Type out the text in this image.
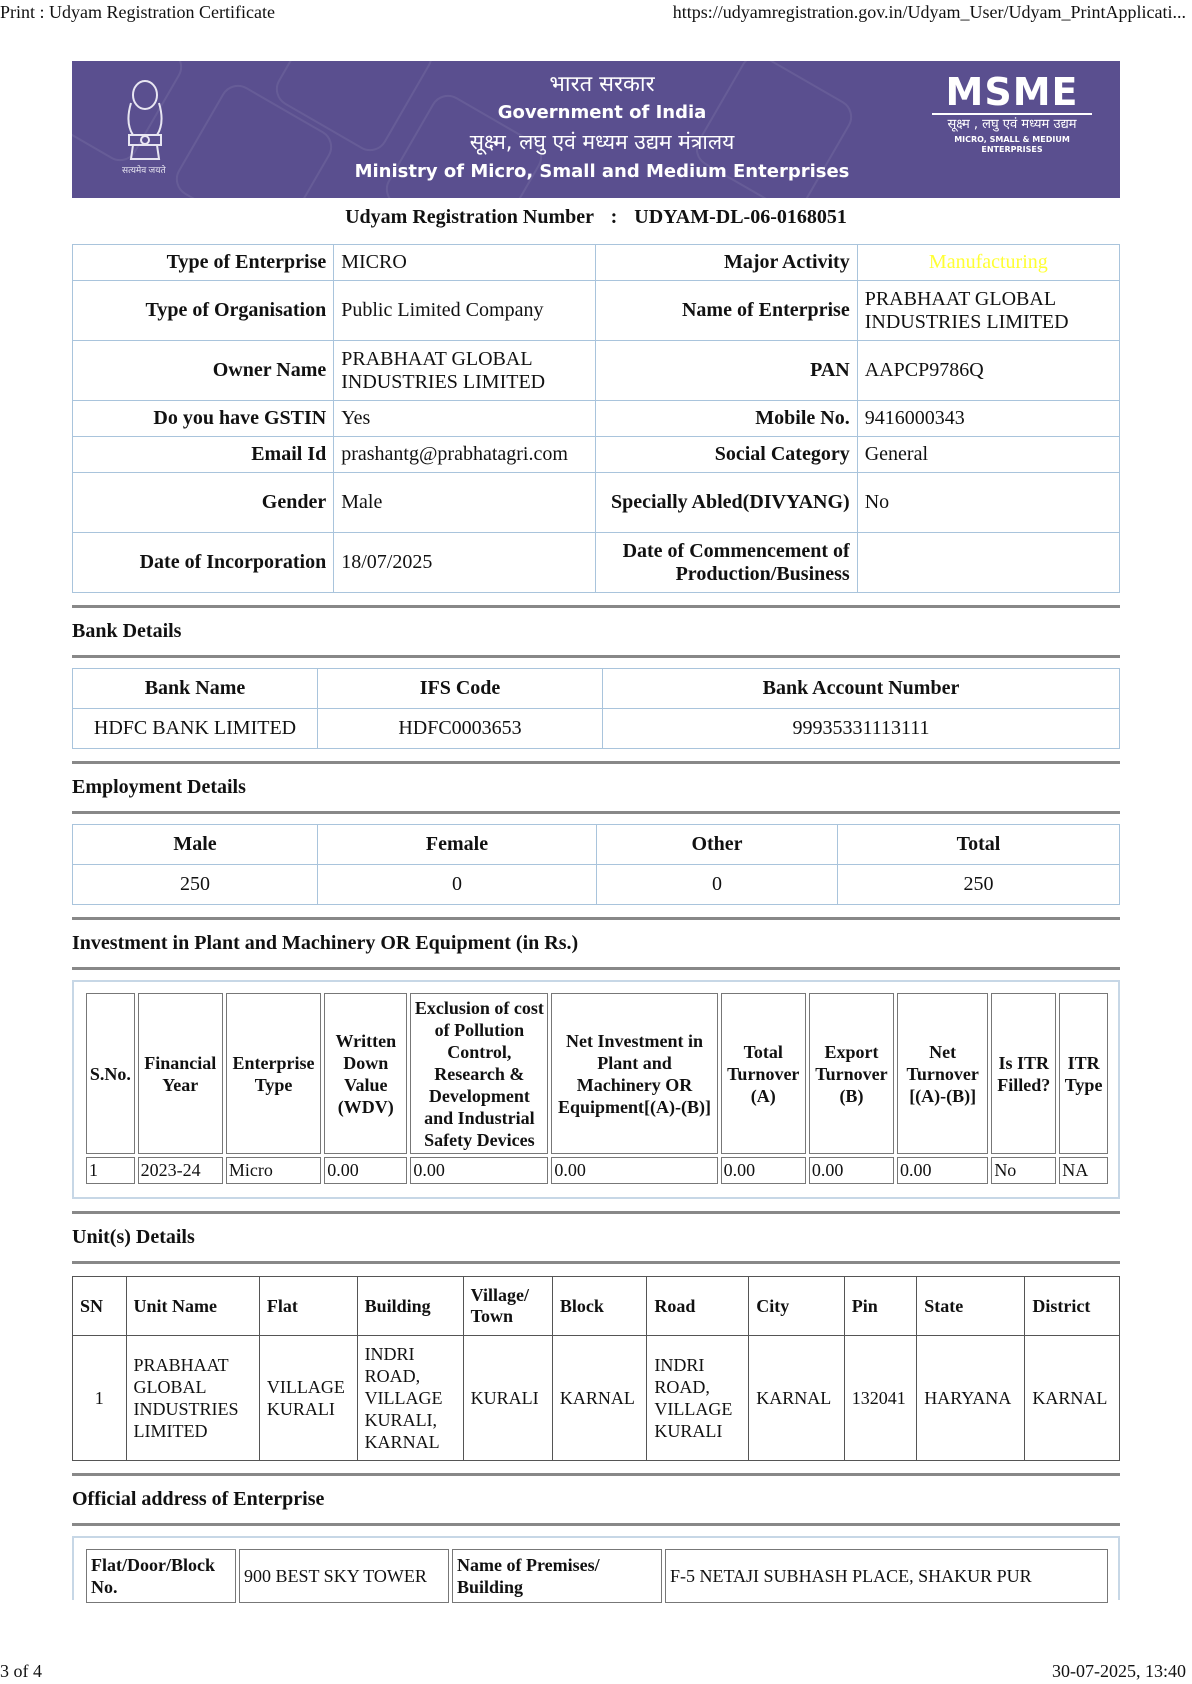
Print : Udyam Registration Certificate	https://udyamregistration.gov.in/Udyam_User/Udyam_PrintApplicati...
सत्यमेव जयते
भारत सरकार
Government of India
सूक्ष्म, लघु एवं मध्यम उद्यम मंत्रालय
Ministry of Micro, Small and Medium Enterprises
MSME
सूक्ष्म , लघु एवं मध्यम उद्यम
MICRO, SMALL & MEDIUM ENTERPRISES
Udyam Registration Number : UDYAM-DL-06-0168051
Type of Enterprise	MICRO	Major Activity	Manufacturing
Type of Organisation	Public Limited Company	Name of Enterprise	PRABHAAT GLOBAL INDUSTRIES LIMITED
Owner Name	PRABHAAT GLOBAL INDUSTRIES LIMITED	PAN	AAPCP9786Q
Do you have GSTIN	Yes	Mobile No.	9416000343
Email Id	prashantg@prabhatagri.com	Social Category	General
Gender	Male	Specially Abled(DIVYANG)	No
Date of Incorporation	18/07/2025	Date of Commencement of Production/Business	
Bank Details
Bank Name	IFS Code	Bank Account Number
HDFC BANK LIMITED	HDFC0003653	99935331113111
Employment Details
Male	Female	Other	Total
250	0	0	250
Investment in Plant and Machinery OR Equipment (in Rs.)
S.No.	Financial Year	Enterprise Type	Written Down Value (WDV)	Exclusion of cost of Pollution Control, Research & Development and Industrial Safety Devices	Net Investment in Plant and Machinery OR Equipment[(A)-(B)]	Total Turnover (A)	Export Turnover (B)	Net Turnover [(A)-(B)]	Is ITR Filled?	ITR Type
1	2023-24	Micro	0.00	0.00	0.00	0.00	0.00	0.00	No	NA
Unit(s) Details
SN	Unit Name	Flat	Building	Village/ Town	Block	Road	City	Pin	State	District
1	PRABHAAT GLOBAL INDUSTRIES LIMITED	VILLAGE KURALI	INDRI ROAD, VILLAGE KURALI, KARNAL	KURALI	KARNAL	INDRI ROAD, VILLAGE KURALI	KARNAL	132041	HARYANA	KARNAL
Official address of Enterprise
Flat/Door/Block No.	900 BEST SKY TOWER	Name of Premises/ Building	F-5 NETAJI SUBHASH PLACE, SHAKUR PUR
3 of 4	30-07-2025, 13:40
